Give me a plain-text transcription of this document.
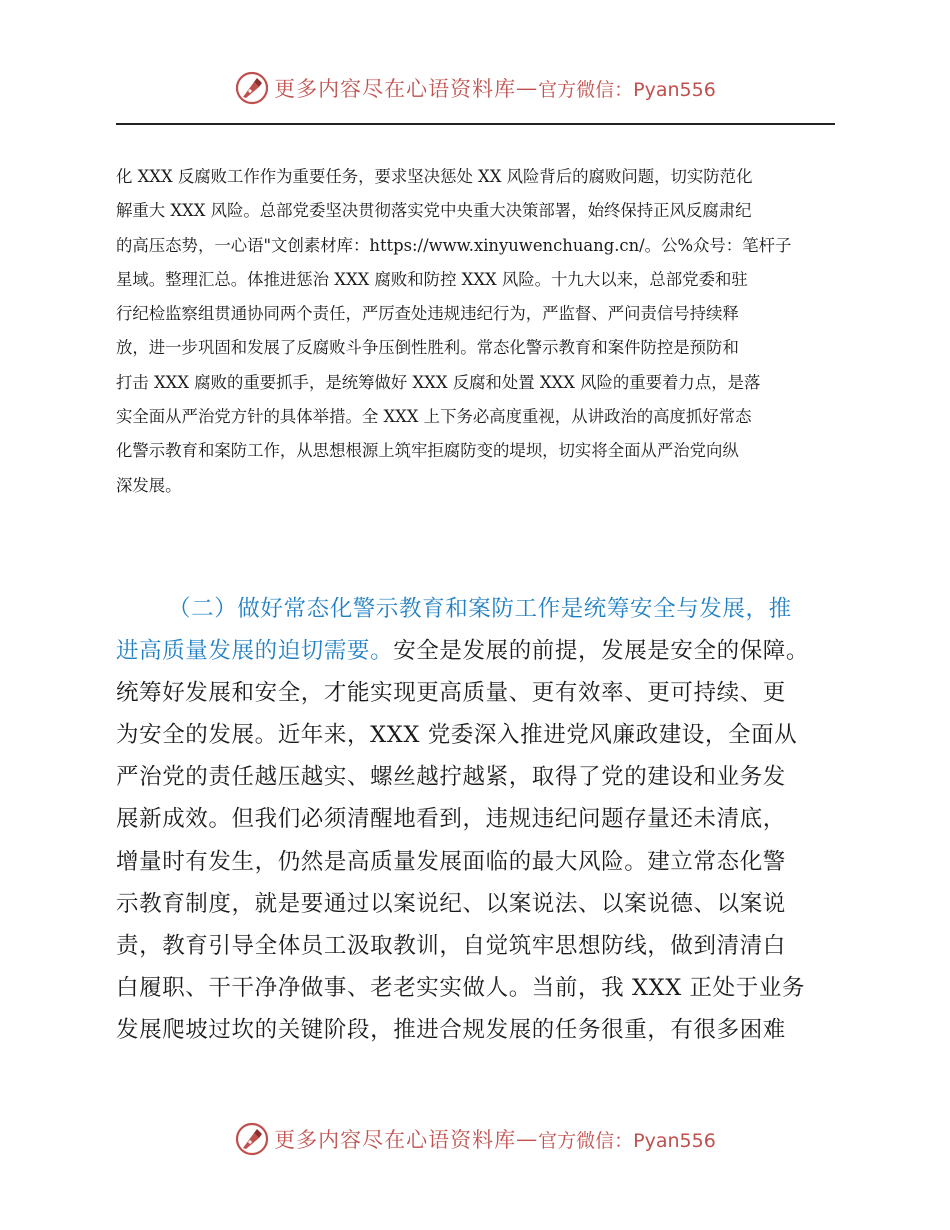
更多内容尽在心语资料库 — 官方微信：Pyan556
化 XXX 反腐败工作作为重要任务，要求坚决惩处 XX 风险背后的腐败问题，切实防范化
解重大 XXX 风险。总部党委坚决贯彻落实党中央重大决策部署，始终保持正风反腐肃纪
的高压态势，一心语"文创素材库：https://www.xinyuwenchuang.cn/。公%众号：笔杆子
星域。整理汇总。体推进惩治 XXX 腐败和防控 XXX 风险。十九大以来，总部党委和驻
行纪检监察组贯通协同两个责任，严厉查处违规违纪行为，严监督、严问责信号持续释
放，进一步巩固和发展了反腐败斗争压倒性胜利。常态化警示教育和案件防控是预防和
打击 XXX 腐败的重要抓手，是统筹做好 XXX 反腐和处置 XXX 风险的重要着力点，是落
实全面从严治党方针的具体举措。全 XXX 上下务必高度重视，从讲政治的高度抓好常态
化警示教育和案防工作，从思想根源上筑牢拒腐防变的堤坝，切实将全面从严治党向纵
深发展。
（二）做好常态化警示教育和案防工作是统筹安全与发展，推
进高质量发展的迫切需要。安全是发展的前提，发展是安全的保障。
统筹好发展和安全，才能实现更高质量、更有效率、更可持续、更
为安全的发展。近年来，XXX 党委深入推进党风廉政建设，全面从
严治党的责任越压越实、螺丝越拧越紧，取得了党的建设和业务发
展新成效。但我们必须清醒地看到，违规违纪问题存量还未清底，
增量时有发生，仍然是高质量发展面临的最大风险。建立常态化警
示教育制度，就是要通过以案说纪、以案说法、以案说德、以案说
责，教育引导全体员工汲取教训，自觉筑牢思想防线，做到清清白
白履职、干干净净做事、老老实实做人。当前，我 XXX 正处于业务
发展爬坡过坎的关键阶段，推进合规发展的任务很重，有很多困难
更多内容尽在心语资料库 — 官方微信：Pyan556
